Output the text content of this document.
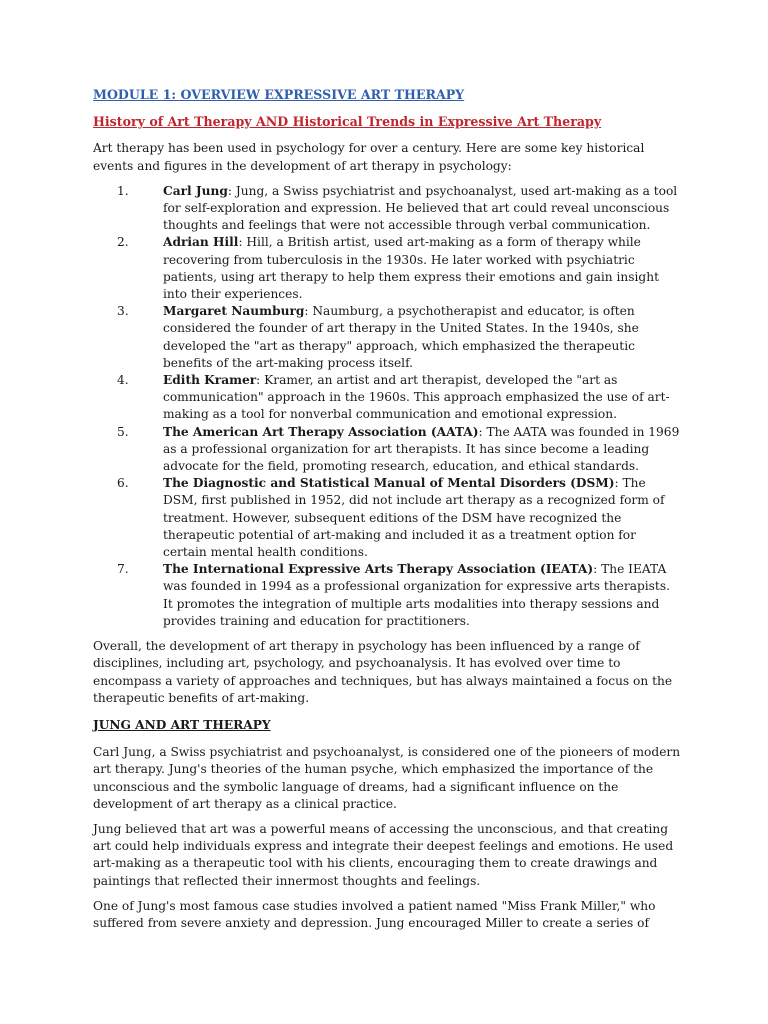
MODULE 1: OVERVIEW EXPRESSIVE ART THERAPY
History of Art Therapy AND Historical Trends in Expressive Art Therapy

Art therapy has been used in psychology for over a century. Here are some key historical events and figures in the development of art therapy in psychology:

1.	Carl Jung: Jung, a Swiss psychiatrist and psychoanalyst, used art-making as a tool for self-exploration and expression. He believed that art could reveal unconscious thoughts and feelings that were not accessible through verbal communication.
2.	Adrian Hill: Hill, a British artist, used art-making as a form of therapy while recovering from tuberculosis in the 1930s. He later worked with psychiatric patients, using art therapy to help them express their emotions and gain insight into their experiences.
3.	Margaret Naumburg: Naumburg, a psychotherapist and educator, is often considered the founder of art therapy in the United States. In the 1940s, she developed the "art as therapy" approach, which emphasized the therapeutic benefits of the art-making process itself.
4.	Edith Kramer: Kramer, an artist and art therapist, developed the "art as communication" approach in the 1960s. This approach emphasized the use of art-making as a tool for nonverbal communication and emotional expression.
5.	The American Art Therapy Association (AATA): The AATA was founded in 1969 as a professional organization for art therapists. It has since become a leading advocate for the field, promoting research, education, and ethical standards.
6.	The Diagnostic and Statistical Manual of Mental Disorders (DSM): The DSM, first published in 1952, did not include art therapy as a recognized form of treatment. However, subsequent editions of the DSM have recognized the therapeutic potential of art-making and included it as a treatment option for certain mental health conditions.
7.	The International Expressive Arts Therapy Association (IEATA): The IEATA was founded in 1994 as a professional organization for expressive arts therapists. It promotes the integration of multiple arts modalities into therapy sessions and provides training and education for practitioners.

Overall, the development of art therapy in psychology has been influenced by a range of disciplines, including art, psychology, and psychoanalysis. It has evolved over time to encompass a variety of approaches and techniques, but has always maintained a focus on the therapeutic benefits of art-making.

JUNG AND ART THERAPY

Carl Jung, a Swiss psychiatrist and psychoanalyst, is considered one of the pioneers of modern art therapy. Jung's theories of the human psyche, which emphasized the importance of the unconscious and the symbolic language of dreams, had a significant influence on the development of art therapy as a clinical practice.

Jung believed that art was a powerful means of accessing the unconscious, and that creating art could help individuals express and integrate their deepest feelings and emotions. He used art-making as a therapeutic tool with his clients, encouraging them to create drawings and paintings that reflected their innermost thoughts and feelings.

One of Jung's most famous case studies involved a patient named "Miss Frank Miller," who suffered from severe anxiety and depression. Jung encouraged Miller to create a series of
